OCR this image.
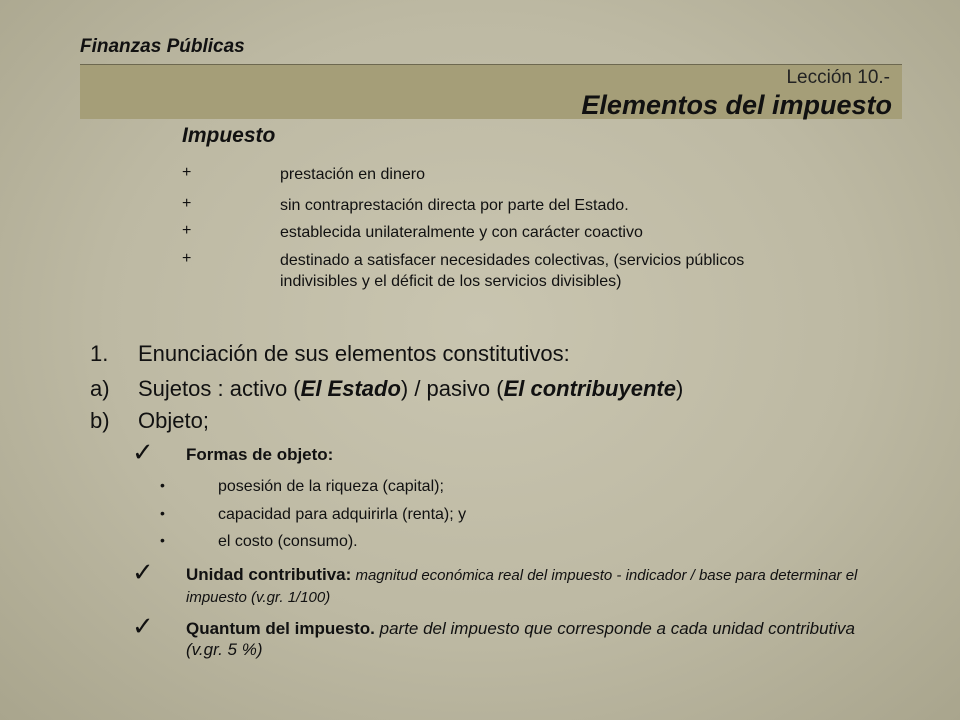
Finanzas Públicas
Lección 10.-
Elementos del impuesto
Impuesto
+	prestación en dinero
+	sin contraprestación directa por parte del Estado.
+	establecida unilateralmente y con carácter coactivo
+	destinado a satisfacer necesidades colectivas, (servicios públicos indivisibles y el déficit de los servicios divisibles)
1. Enunciación de sus elementos constitutivos:
a) Sujetos : activo (El Estado) / pasivo (El contribuyente)
b) Objeto;
✓ Formas de objeto:
•	posesión de la riqueza (capital);
•	capacidad para adquirirla (renta); y
•	el costo (consumo).
✓ Unidad contributiva: magnitud económica real del impuesto - indicador / base para determinar el impuesto (v.gr. 1/100)
✓ Quantum del impuesto. parte del impuesto que corresponde a cada unidad contributiva (v.gr. 5 %)
